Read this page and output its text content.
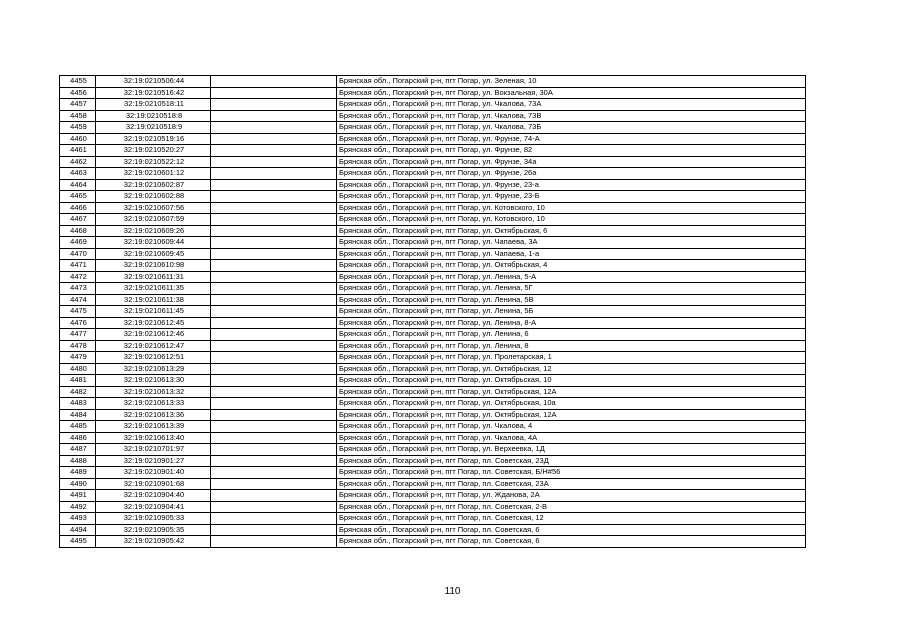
4455	32:19:0210506:44		Брянская обл., Погарский р-н, пгт Погар, ул. Зеленая, 10
4456	32:19:0210516:42		Брянская обл., Погарский р-н, пгт Погар, ул. Вокзальная, 30А
4457	32:19:0210518:11		Брянская обл., Погарский р-н, пгт Погар, ул. Чкалова, 73А
4458	32:19:0210518:8		Брянская обл., Погарский р-н, пгт Погар, ул. Чкалова, 73В
4459	32:19:0210518:9		Брянская обл., Погарский р-н, пгт Погар, ул. Чкалова, 73Б
4460	32:19:0210519:16		Брянская обл., Погарский р-н, пгт Погар, ул. Фрунзе, 74-А
4461	32:19:0210520:27		Брянская обл., Погарский р-н, пгт Погар, ул. Фрунзе, 82
4462	32:19:0210522:12		Брянская обл., Погарский р-н, пгт Погар, ул. Фрунзе, 34а
4463	32:19:0210601:12		Брянская обл., Погарский р-н, пгт Погар, ул. Фрунзе, 26а
4464	32:19:0210602:87		Брянская обл., Погарский р-н, пгт Погар, ул. Фрунзе, 23-а
4465	32:19:0210602:88		Брянская обл., Погарский р-н, пгт Погар, ул. Фрунзе, 23-Б
4466	32:19:0210607:56		Брянская обл., Погарский р-н, пгт Погар, ул. Котовского, 10
4467	32:19:0210607:59		Брянская обл., Погарский р-н, пгт Погар, ул. Котовского, 10
4468	32:19:0210609:26		Брянская обл., Погарский р-н, пгт Погар, ул. Октябрьская, 6
4469	32:19:0210609:44		Брянская обл., Погарский р-н, пгт Погар, ул. Чапаева, 3А
4470	32:19:0210609:45		Брянская обл., Погарский р-н, пгт Погар, ул. Чапаева, 1-а
4471	32:19:0210610:98		Брянская обл., Погарский р-н, пгт Погар, ул. Октябрьская, 4
4472	32:19:0210611:31		Брянская обл., Погарский р-н, пгт Погар, ул. Ленина, 5-А
4473	32:19:0210611:35		Брянская обл., Погарский р-н, пгт Погар, ул. Ленина, 5Г
4474	32:19:0210611:38		Брянская обл., Погарский р-н, пгт Погар, ул. Ленина, 5В
4475	32:19:0210611:45		Брянская обл., Погарский р-н, пгт Погар, ул. Ленина, 5Б
4476	32:19:0210612:45		Брянская обл., Погарский р-н, пгт Погар, ул. Ленина, 8-А
4477	32:19:0210612:46		Брянская обл., Погарский р-н, пгт Погар, ул. Ленина, 6
4478	32:19:0210612:47		Брянская обл., Погарский р-н, пгт Погар, ул. Ленина, 8
4479	32:19:0210612:51		Брянская обл., Погарский р-н, пгт Погар, ул. Пролетарская, 1
4480	32:19:0210613:29		Брянская обл., Погарский р-н, пгт Погар, ул. Октябрьская, 12
4481	32:19:0210613:30		Брянская обл., Погарский р-н, пгт Погар, ул. Октябрьская, 10
4482	32:19:0210613:32		Брянская обл., Погарский р-н, пгт Погар, ул. Октябрьская, 12А
4483	32:19:0210613:33		Брянская обл., Погарский р-н, пгт Погар, ул. Октябрьская, 10а
4484	32:19:0210613:36		Брянская обл., Погарский р-н, пгт Погар, ул. Октябрьская, 12А
4485	32:19:0210613:39		Брянская обл., Погарский р-н, пгт Погар, ул. Чкалова, 4
4486	32:19:0210613:40		Брянская обл., Погарский р-н, пгт Погар, ул. Чкалова, 4А
4487	32:19:0210701:97		Брянская обл., Погарский р-н, пгт Погар, ул. Верхеевка, 1Д
4488	32:19:0210901:27		Брянская обл., Погарский р-н, пгт Погар, пл. Советская, 23Д
4489	32:19:0210901:40		Брянская обл., Погарский р-н, пгт Погар, пл. Советская, Б/Н#56
4490	32:19:0210901:68		Брянская обл., Погарский р-н, пгт Погар, пл. Советская, 23А
4491	32:19:0210904:40		Брянская обл., Погарский р-н, пгт Погар, ул. Жданова, 2А
4492	32:19:0210904:41		Брянская обл., Погарский р-н, пгт Погар, пл. Советская, 2-В
4493	32:19:0210905:33		Брянская обл., Погарский р-н, пгт Погар, пл. Советская, 12
4494	32:19:0210905:35		Брянская обл., Погарский р-н, пгт Погар, пл. Советская, 6
4495	32:19:0210905:42		Брянская обл., Погарский р-н, пгт Погар, пл. Советская, 6
110
